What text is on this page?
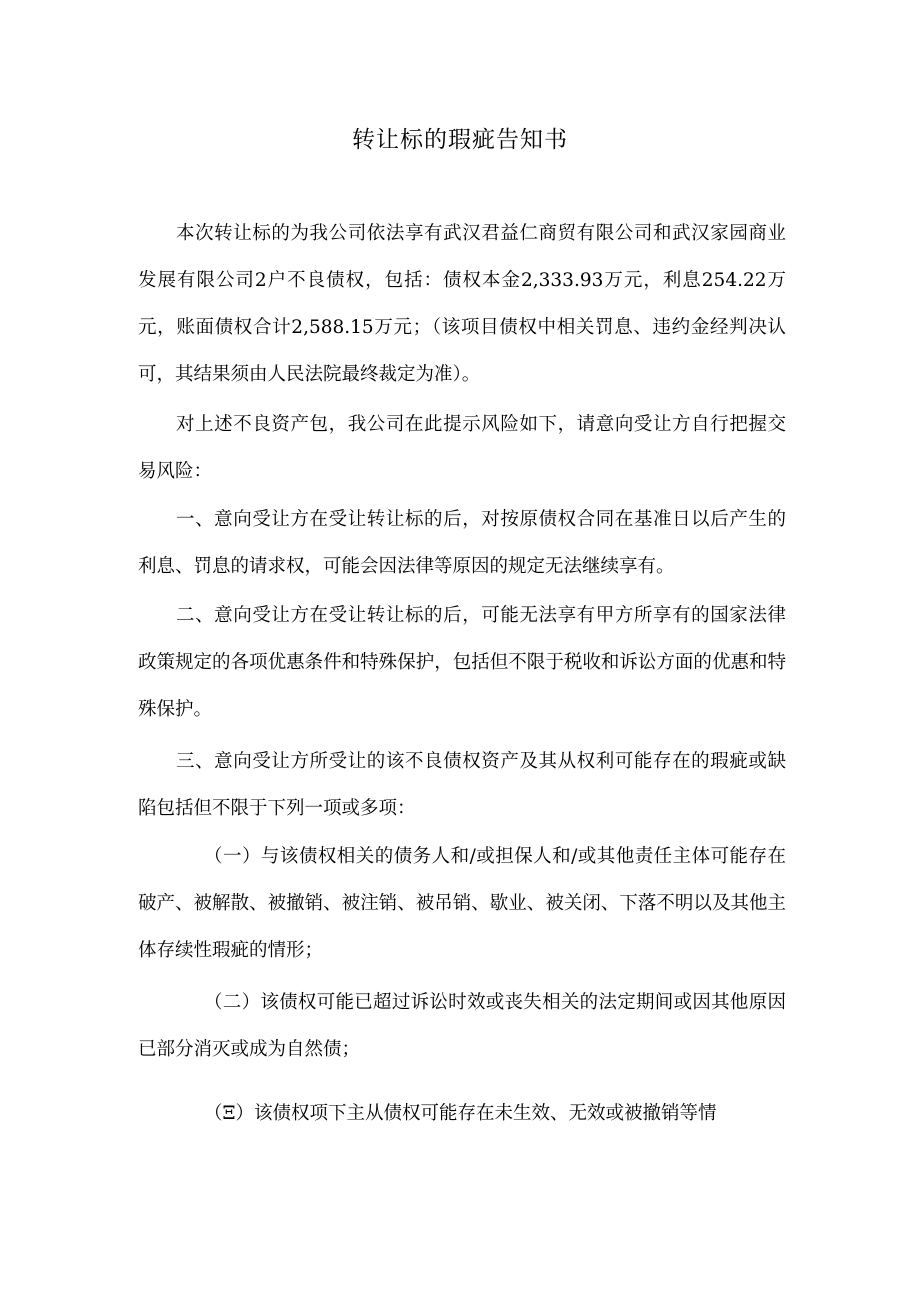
转让标的瑕疵告知书

本次转让标的为我公司依法享有武汉君益仁商贸有限公司和武汉家园商业发展有限公司2户不良债权，包括：债权本金2,333.93万元，利息254.22万元，账面债权合计2,588.15万元；（该项目债权中相关罚息、违约金经判决认可，其结果须由人民法院最终裁定为准）。

对上述不良资产包，我公司在此提示风险如下，请意向受让方自行把握交易风险：

一、意向受让方在受让转让标的后，对按原债权合同在基准日以后产生的利息、罚息的请求权，可能会因法律等原因的规定无法继续享有。

二、意向受让方在受让转让标的后，可能无法享有甲方所享有的国家法律政策规定的各项优惠条件和特殊保护，包括但不限于税收和诉讼方面的优惠和特殊保护。

三、意向受让方所受让的该不良债权资产及其从权利可能存在的瑕疵或缺陷包括但不限于下列一项或多项：

（一）与该债权相关的债务人和/或担保人和/或其他责任主体可能存在破产、被解散、被撤销、被注销、被吊销、歇业、被关闭、下落不明以及其他主体存续性瑕疵的情形；

（二）该债权可能已超过诉讼时效或丧失相关的法定期间或因其他原因已部分消灭或成为自然债；

（Ξ）该债权项下主从债权可能存在未生效、无效或被撤销等情
